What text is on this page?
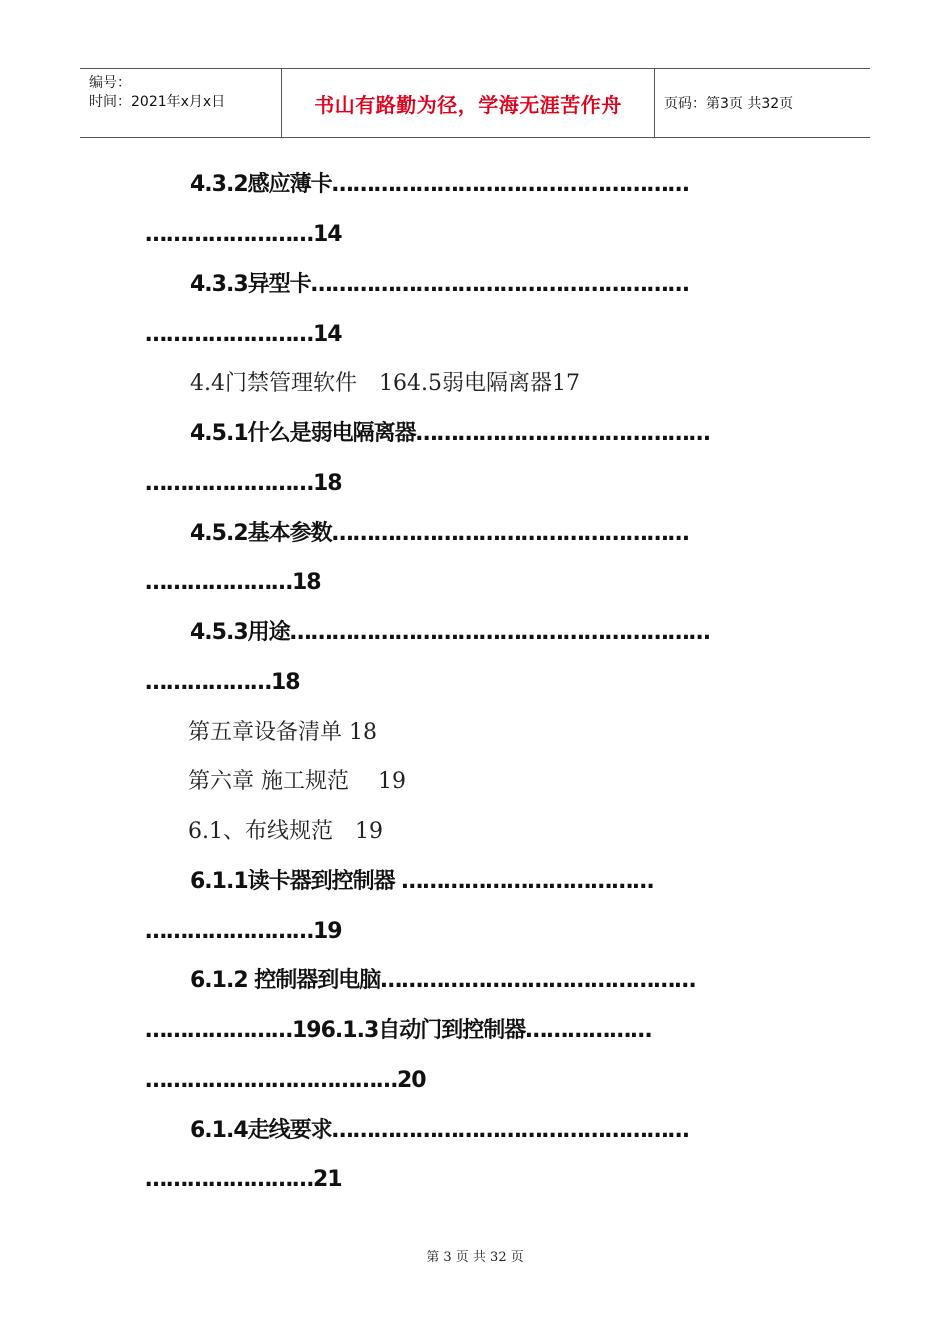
编号：
时间：2021年x月x日	书山有路勤为径，学海无涯苦作舟	页码：第3页 共32页
4.3.2感应薄卡……………………………………………
……………………14
4.3.3异型卡………………………………………………
……………………14
4.4门禁管理软件　164.5弱电隔离器17
4.5.1什么是弱电隔离器……………………………………
……………………18
4.5.2基本参数……………………………………………
…………………18
4.5.3用途……………………………………………………
………………18
第五章设备清单 18
第六章 施工规范　 19
6.1、布线规范　19
6.1.1读卡器到控制器 ………………………………
……………………19
6.1.2 控制器到电脑………………………………………
…………………196.1.3自动门到控制器………………
………………………………20
6.1.4走线要求……………………………………………
……………………21
第 3 页 共 32 页
